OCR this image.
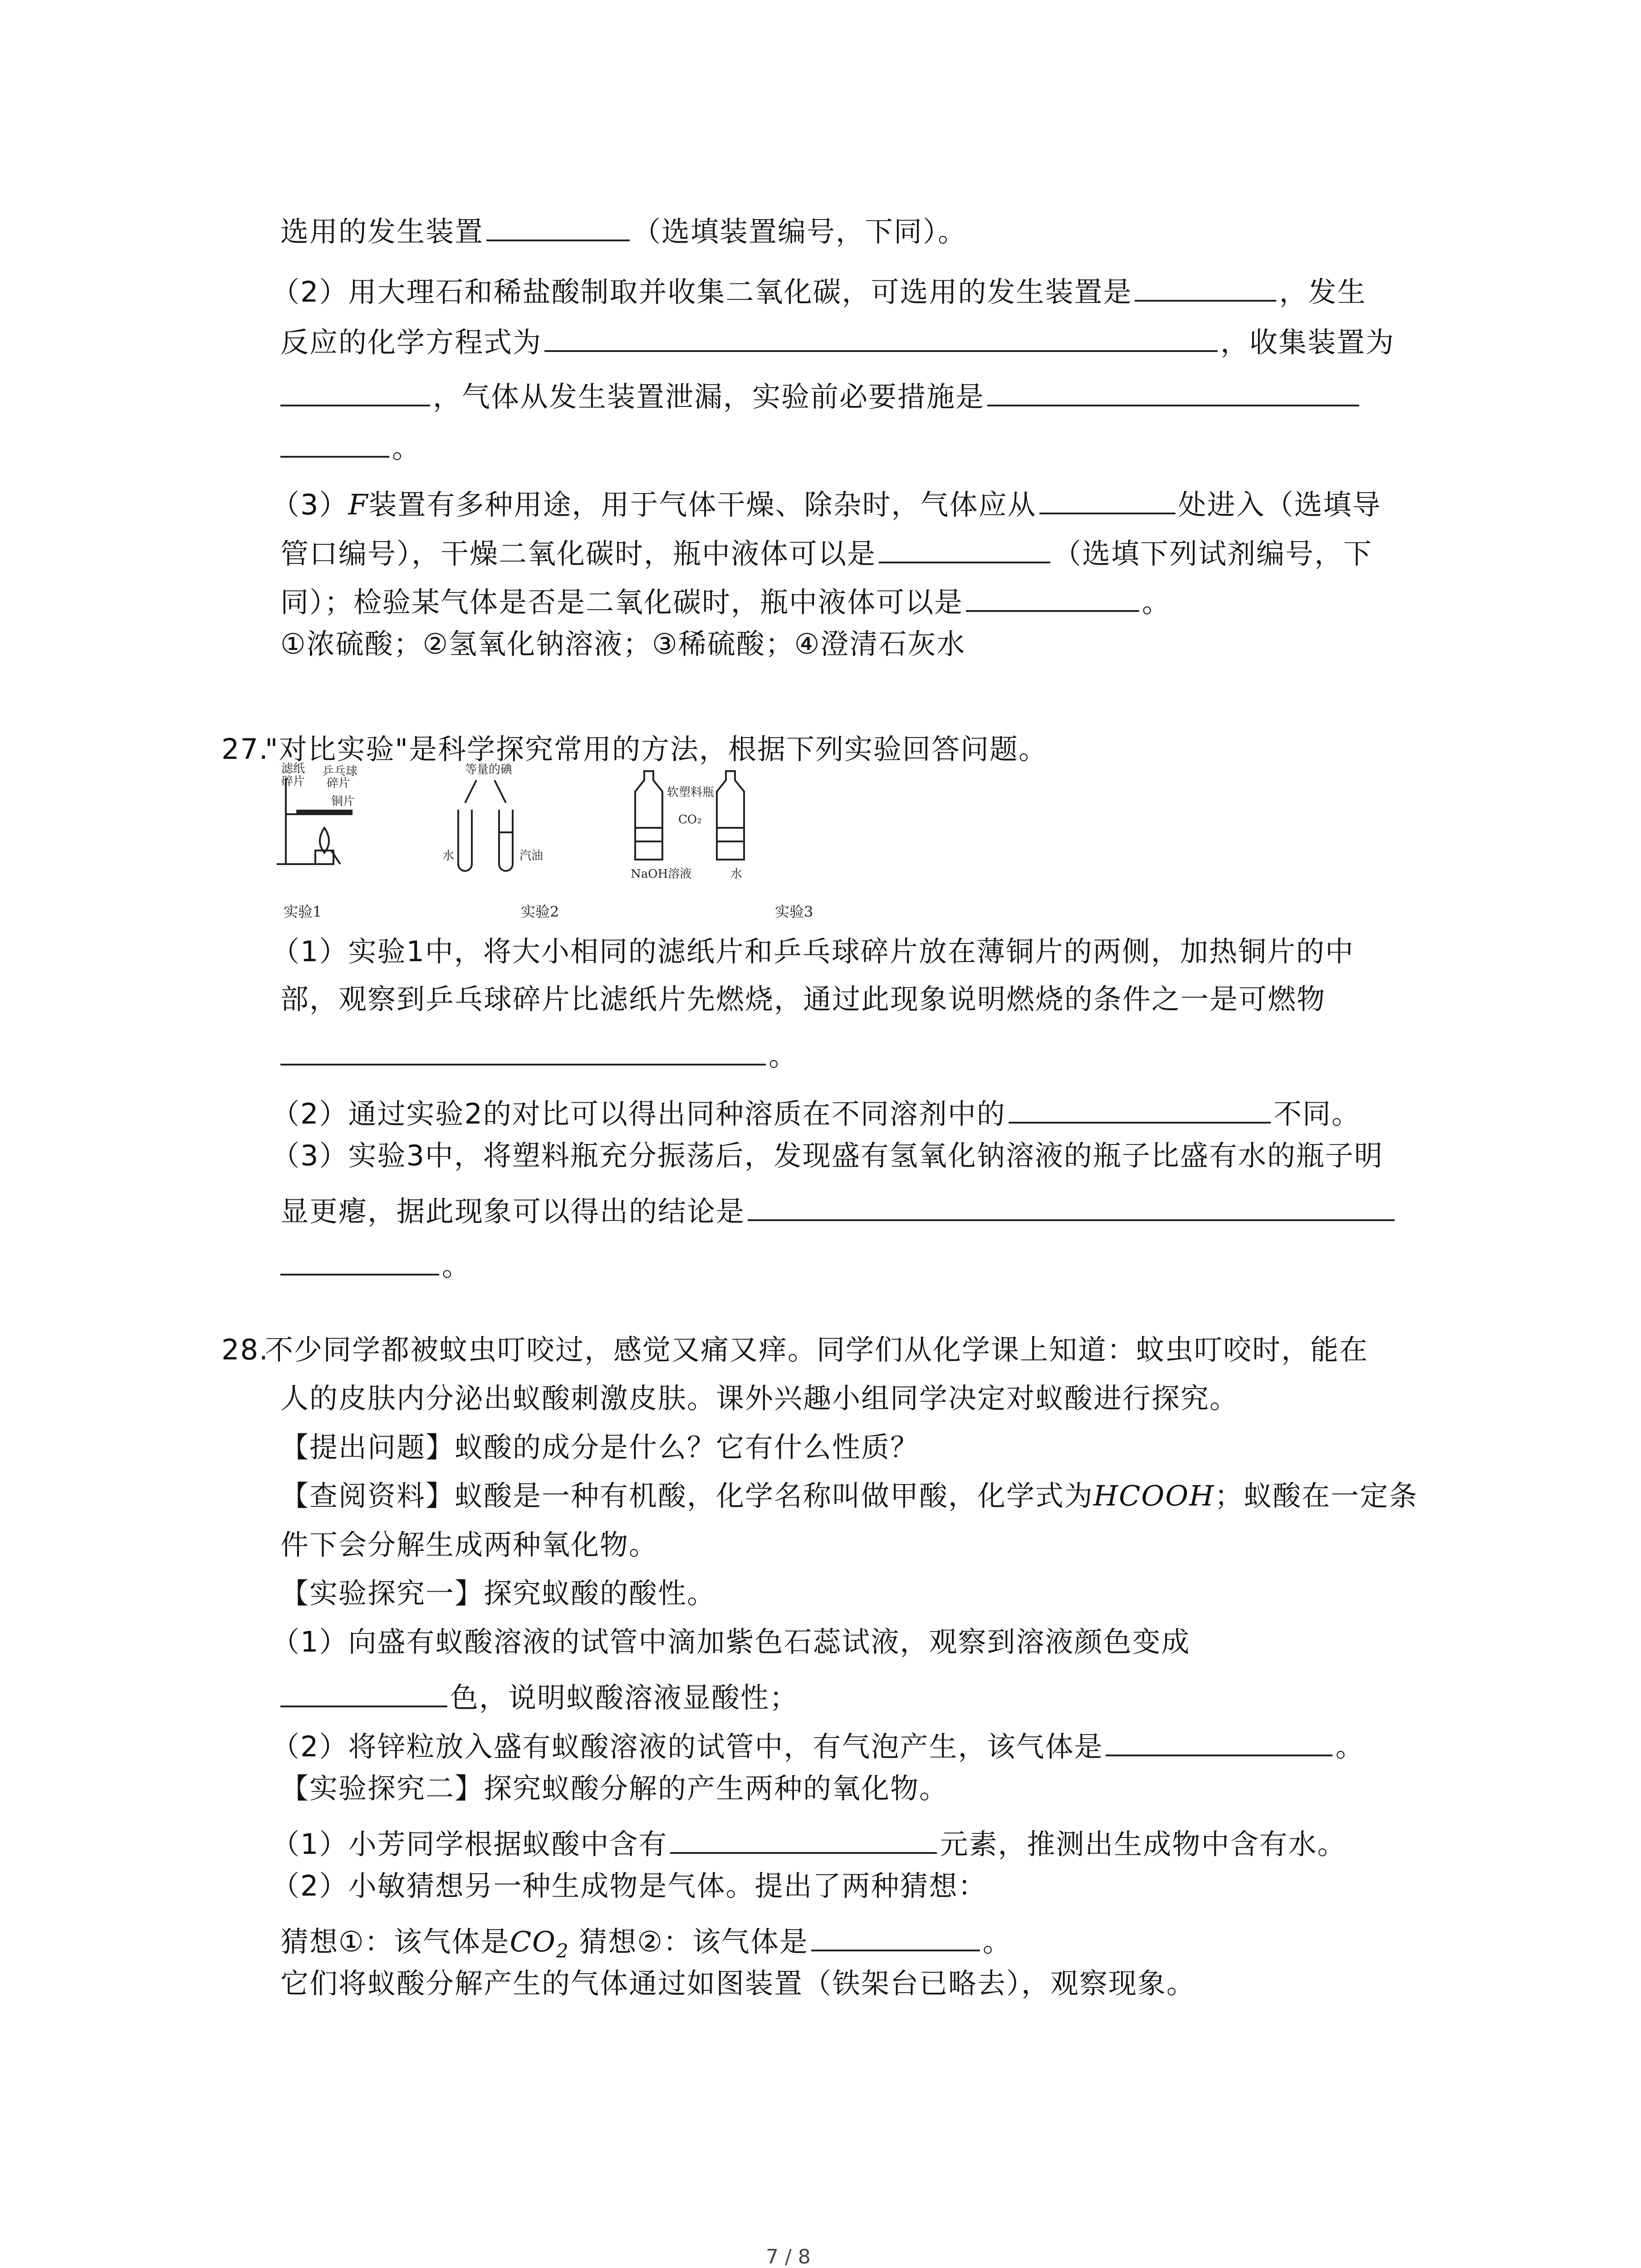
选用的发生装置	（选填装置编号，下同）。
（2）用大理石和稀盐酸制取并收集二氧化碳，可选用的发生装置是	，发生
反应的化学方程式为	，收集装置为
，气体从发生装置泄漏，实验前必要措施是
。
（3）F装置有多种用途，用于气体干燥、除杂时，气体应从	处进入（选填导
管口编号），干燥二氧化碳时，瓶中液体可以是	（选填下列试剂编号，下
同）；检验某气体是否是二氧化碳时，瓶中液体可以是	。
①浓硫酸；②氢氧化钠溶液；③稀硫酸；④澄清石灰水
27."对比实验"是科学探究常用的方法，根据下列实验回答问题。
滤纸
碎片
乒乓球
碎片
铜片
等量的碘
水	汽油
软塑料瓶
CO₂
NaOH溶液	水
实验1	实验2	实验3
（1）实验1中，将大小相同的滤纸片和乒乓球碎片放在薄铜片的两侧，加热铜片的中
部，观察到乒乓球碎片比滤纸片先燃烧，通过此现象说明燃烧的条件之一是可燃物
。
（2）通过实验2的对比可以得出同种溶质在不同溶剂中的	不同。
（3）实验3中，将塑料瓶充分振荡后，发现盛有氢氧化钠溶液的瓶子比盛有水的瓶子明
显更瘪，据此现象可以得出的结论是
。
28.不少同学都被蚊虫叮咬过，感觉又痛又痒。同学们从化学课上知道：蚊虫叮咬时，能在
人的皮肤内分泌出蚁酸刺激皮肤。课外兴趣小组同学决定对蚁酸进行探究。
【提出问题】蚁酸的成分是什么？它有什么性质？
【查阅资料】蚁酸是一种有机酸，化学名称叫做甲酸，化学式为HCOOH；蚁酸在一定条
件下会分解生成两种氧化物。
【实验探究一】探究蚁酸的酸性。
（1）向盛有蚁酸溶液的试管中滴加紫色石蕊试液，观察到溶液颜色变成
色，说明蚁酸溶液显酸性；
（2）将锌粒放入盛有蚁酸溶液的试管中，有气泡产生，该气体是	。
【实验探究二】探究蚁酸分解的产生两种的氧化物。
（1）小芳同学根据蚁酸中含有	元素，推测出生成物中含有水。
（2）小敏猜想另一种生成物是气体。提出了两种猜想：
猜想①：该气体是$CO_2$ 猜想②：该气体是	。
它们将蚁酸分解产生的气体通过如图装置（铁架台已略去），观察现象。
7 / 8
